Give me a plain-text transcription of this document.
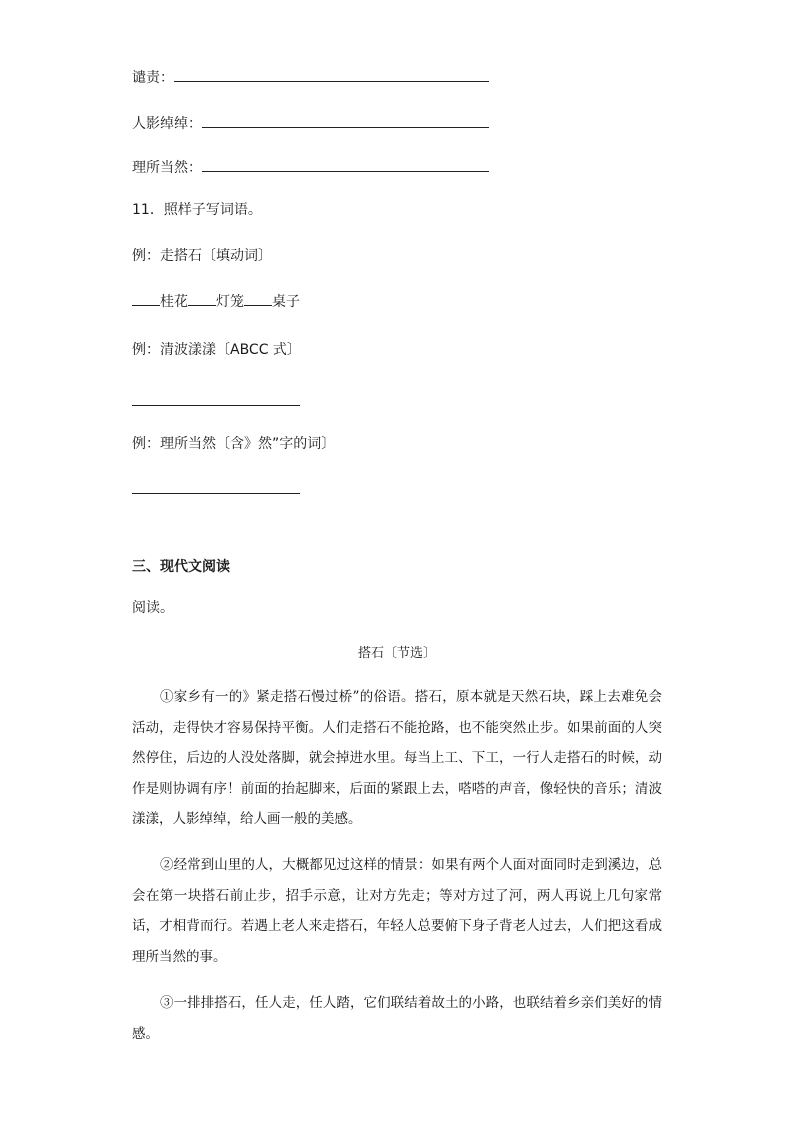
谴责：
人影绰绰：
理所当然：
11．照样子写词语。
例：走搭石〔填动词〕
桂花 灯笼 桌子
例：清波漾漾〔ABCC 式〕
例：理所当然〔含》然”字的词〕
三、现代文阅读
阅读。
搭石〔节选〕
①家乡有一的》紧走搭石慢过桥”的俗语。搭石，原本就是天然石块，踩上去难免会活动，走得快才容易保持平衡。人们走搭石不能抢路，也不能突然止步。如果前面的人突然停住，后边的人没处落脚，就会掉进水里。每当上工、下工，一行人走搭石的时候，动作是则协调有序！前面的抬起脚来，后面的紧跟上去，嗒嗒的声音，像轻快的音乐；清波漾漾，人影绰绰，给人画一般的美感。
②经常到山里的人，大概都见过这样的情景：如果有两个人面对面同时走到溪边，总会在第一块搭石前止步，招手示意，让对方先走；等对方过了河，两人再说上几句家常话，才相背而行。若遇上老人来走搭石，年轻人总要俯下身子背老人过去，人们把这看成理所当然的事。
③一排排搭石，任人走，任人踏，它们联结着故土的小路，也联结着乡亲们美好的情感。
